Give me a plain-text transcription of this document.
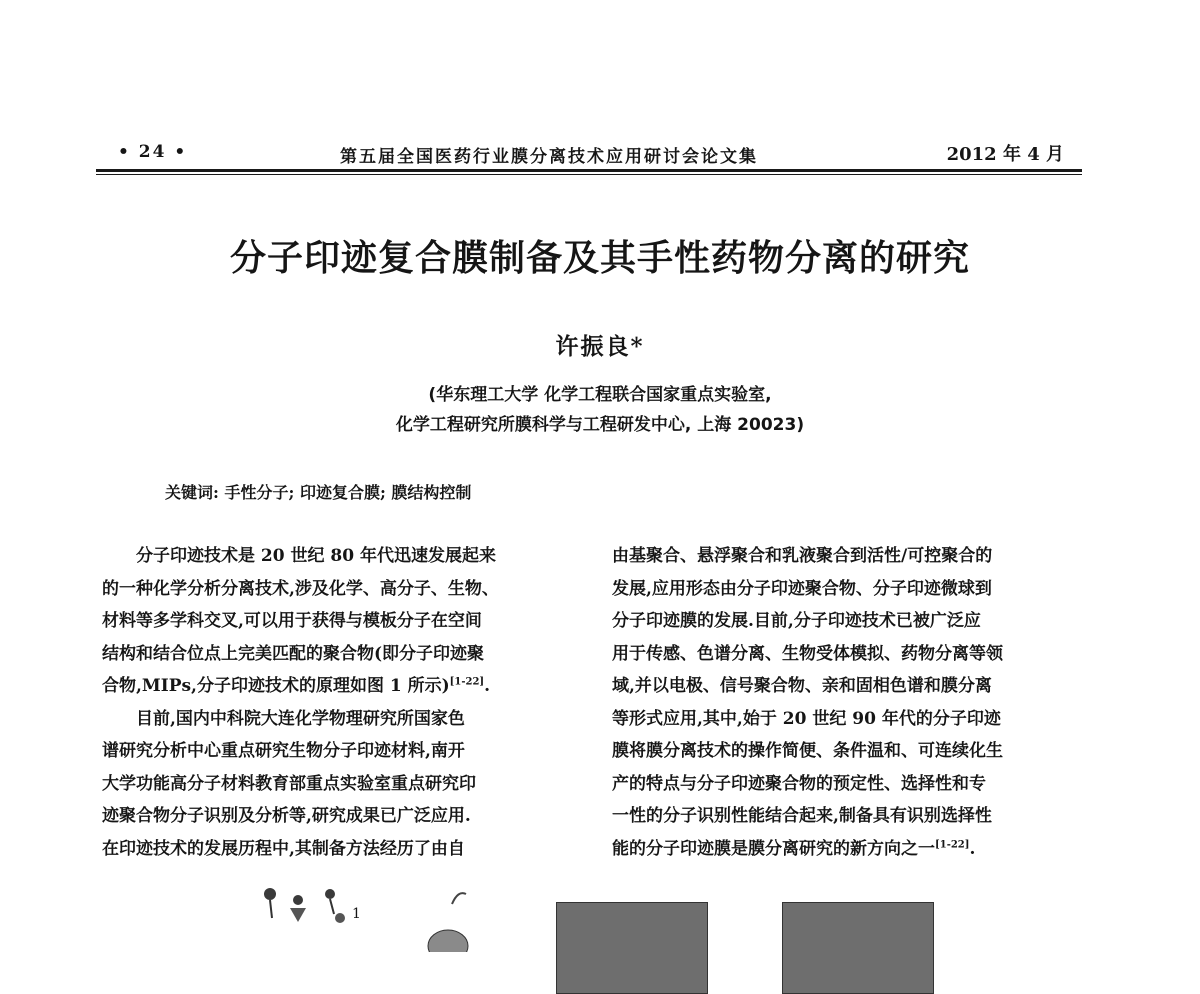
• 24 •	第五届全国医药行业膜分离技术应用研讨会论文集	2012 年 4 月
分子印迹复合膜制备及其手性药物分离的研究
许振良*
(华东理工大学 化学工程联合国家重点实验室,
化学工程研究所膜科学与工程研发中心, 上海 20023)
关键词: 手性分子; 印迹复合膜; 膜结构控制
　　分子印迹技术是 20 世纪 80 年代迅速发展起来
的一种化学分析分离技术,涉及化学、高分子、生物、
材料等多学科交叉,可以用于获得与模板分子在空间
结构和结合位点上完美匹配的聚合物(即分子印迹聚
合物,MIPs,分子印迹技术的原理如图 1 所示)[1-22].
　　目前,国内中科院大连化学物理研究所国家色
谱研究分析中心重点研究生物分子印迹材料,南开
大学功能高分子材料教育部重点实验室重点研究印
迹聚合物分子识别及分析等,研究成果已广泛应用.
在印迹技术的发展历程中,其制备方法经历了由自
由基聚合、悬浮聚合和乳液聚合到活性/可控聚合的
发展,应用形态由分子印迹聚合物、分子印迹微球到
分子印迹膜的发展.目前,分子印迹技术已被广泛应
用于传感、色谱分离、生物受体模拟、药物分离等领
域,并以电极、信号聚合物、亲和固相色谱和膜分离
等形式应用,其中,始于 20 世纪 90 年代的分子印迹
膜将膜分离技术的操作简便、条件温和、可连续化生
产的特点与分子印迹聚合物的预定性、选择性和专
一性的分子识别性能结合起来,制备具有识别选择性
能的分子印迹膜是膜分离研究的新方向之一[1-22].
1
